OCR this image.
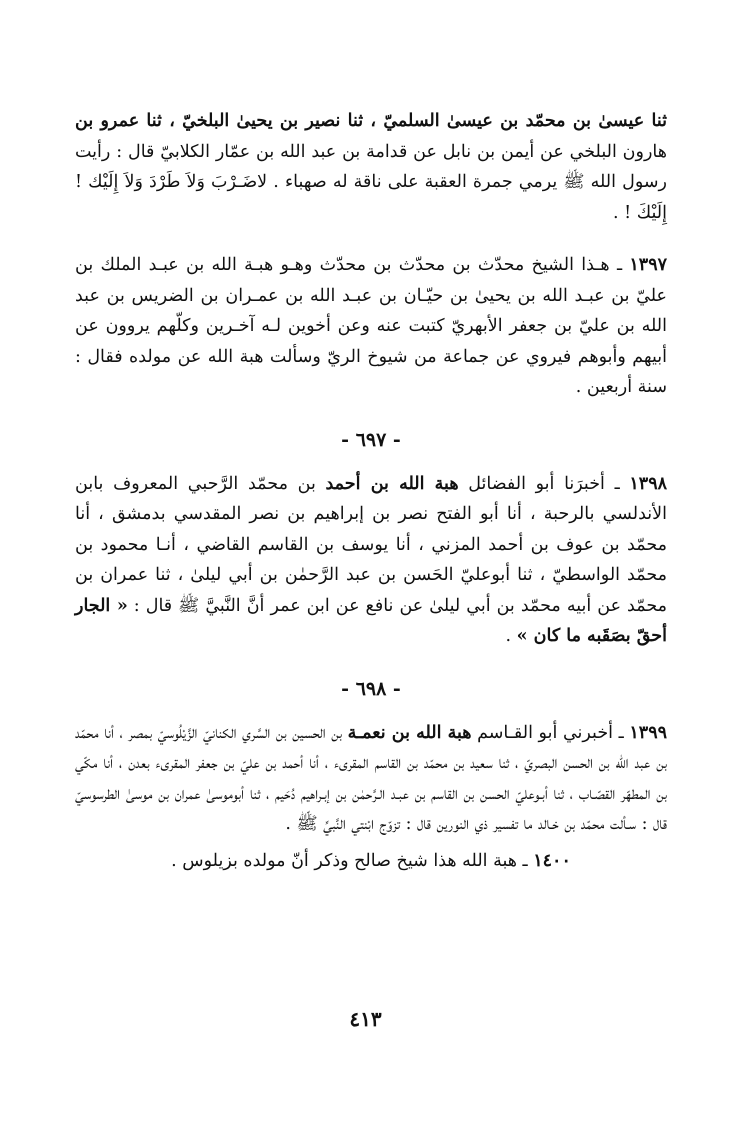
ثنا عيسىٰ بن محمّد بن عيسىٰ السلميّ ، ثنا نصير بن يحيىٰ البلخيّ ، ثنا عمرو بن هارون البلخي عن أيمن بن نابل عن قدامة بن عبد الله بن عمّار الكلابيّ قال : رأيت رسول الله ﷺ يرمي جمرة العقبة على ناقة له صهباء . لاضَـرْبَ وَلاَ طَرْدَ وَلاَ إِلَيْك ! إِلَيْكَ ! .

١٣٩٧ ـ هـذا الشيخ محدّث بن محدّث بن محدّث وهـو هبـة الله بن عبـد الملك بن عليّ بن عبـد الله بن يحيىٰ بن حيّـان بن عبـد الله بن عمـران بن الضريس بن عبد الله بن عليّ بن جعفر الأبهريّ كتبت عنه وعن أخوين لـه آخـرين وكلّهم يروون عن أبيهم وأبوهم فيروي عن جماعة من شيوخ الريّ وسألت هبة الله عن مولده فقال : سنة أربعين .

- ٦٩٧ -

١٣٩٨ ـ أخبرَنا أبو الفضائل هبة الله بن أحمد بن محمّد الرَّحبي المعروف بابن الأندلسي بالرحبة ، أنا أبو الفتح نصر بن إبراهيم بن نصر المقدسي بدمشق ، أنا محمّد بن عوف بن أحمد المزني ، أنا يوسف بن القاسم القاضي ، أنـا محمود بن محمّد الواسطيّ ، ثنا أبوعليّ الحَسن بن عبد الرَّحمٰن بن أبي ليلىٰ ، ثنا عمران بن محمّد عن أبيه محمّد بن أبي ليلىٰ عن نافع عن ابن عمر أنَّ النَّبيَّ ﷺ قال : « الجار أحقّ بصَقَبه ما كان » .

- ٦٩٨ -

١٣٩٩ ـ أخبرني أبو القـاسم هبة الله بن نعمـة بن الحسين بن السَّري الكنانيّ الزَّيْلُوسيّ بمصر ، أنا محمّد بن عبد الله بن الحسن البصريّ ، ثنا سعيد بن محمّد بن القاسم المقرىء ، أنا أحمد بن عليّ بن جعفر المقرىء بعدن ، أنا مكّي بن المطهّر القصّـاب ، ثنا أبـوعليّ الحسن بن القاسم بن عبـد الـرَّحمٰن بن إبـراهيم دُحَيم ، ثنا أبوموسىٰ عمران بن موسىٰ الطرسوسيّ قال : سـألت محمّد بن خـالد ما تفسير ذي النورين قال : تزوّج ابْنتي النَّبيِّ ﷺ .

١٤٠٠ ـ هبة الله هذا شيخ صالح وذكر أنّ مولده بزيلوس .

٤١٣
